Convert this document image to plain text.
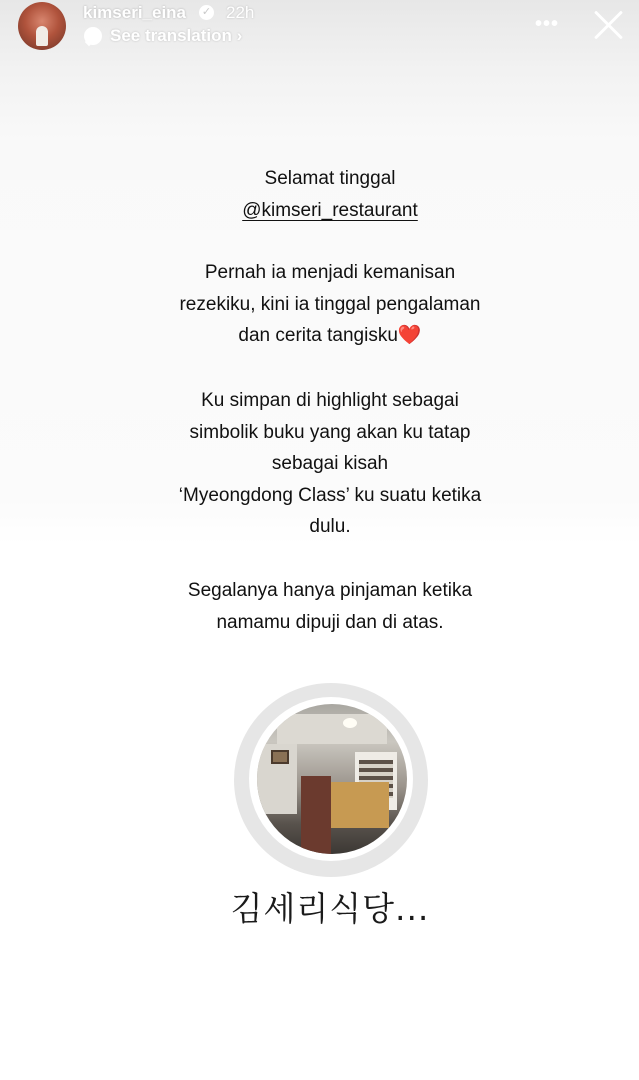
kimseri_eina ✓ 22h
See translation ›
•••
Selamat tinggal
@kimseri_restaurant
Pernah ia menjadi kemanisan
rezekiku, kini ia tinggal pengalaman
dan cerita tangisku❤️
Ku simpan di highlight sebagai
simbolik buku yang akan ku tatap
sebagai kisah
‘Myeongdong Class’ ku suatu ketika
dulu.
Segalanya hanya pinjaman ketika
namamu dipuji dan di atas.
김세리식당...
